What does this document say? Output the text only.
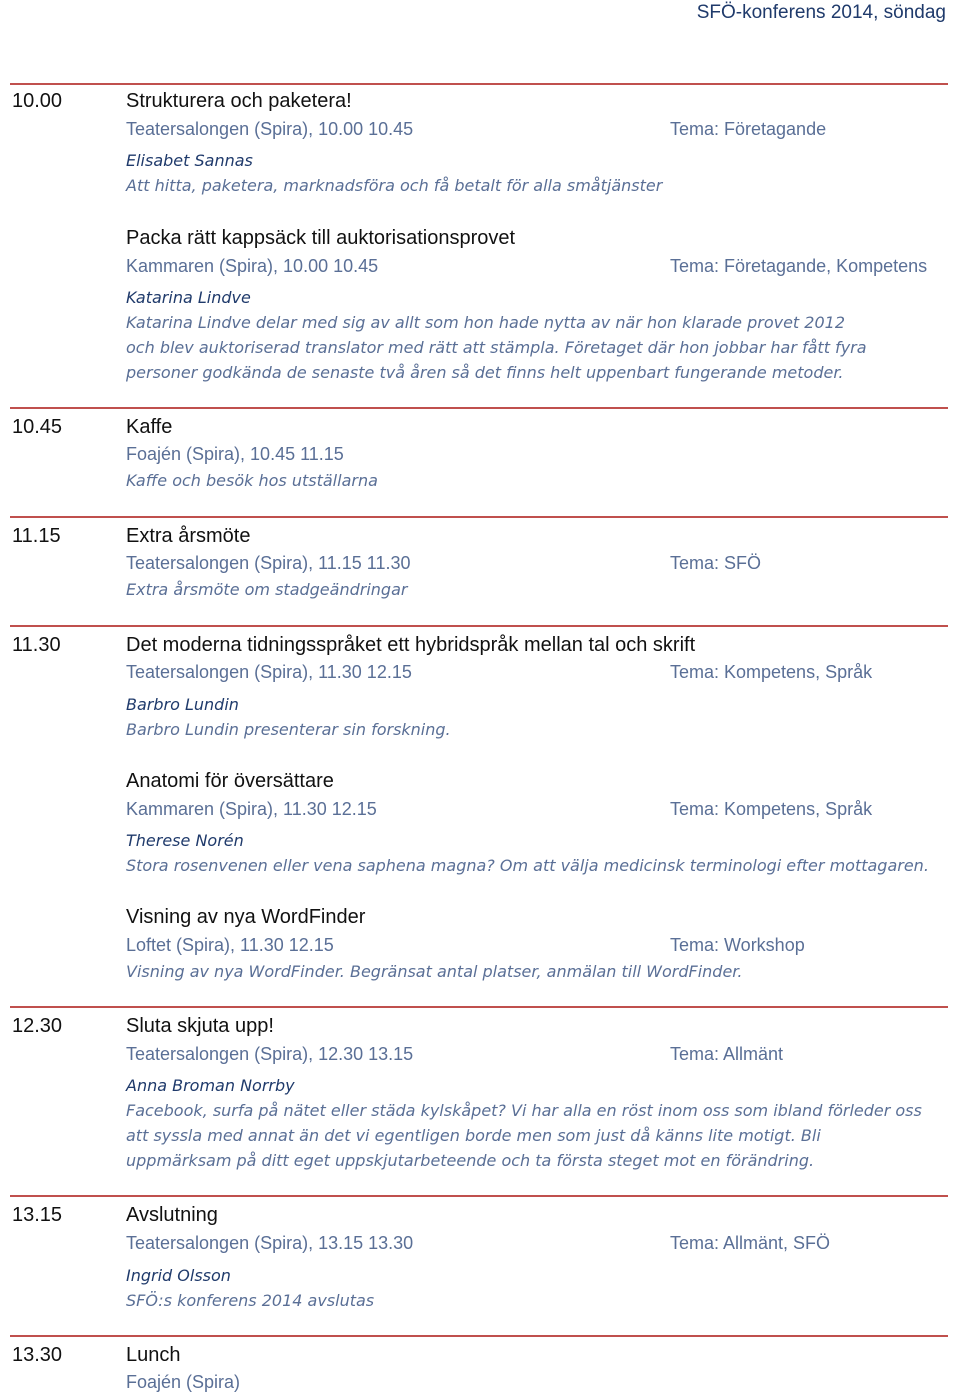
SFÖ-konferens 2014, söndag
10.00	Strukturera och paketera!
Teatersalongen (Spira), 10.00 10.45	Tema: Företagande
Elisabet Sannas
Att hitta, paketera, marknadsföra och få betalt för alla småtjänster
Packa rätt kappsäck till auktorisationsprovet
Kammaren (Spira), 10.00 10.45	Tema: Företagande, Kompetens
Katarina Lindve
Katarina Lindve delar med sig av allt som hon hade nytta av när hon klarade provet 2012
och blev auktoriserad translator med rätt att stämpla. Företaget där hon jobbar har fått fyra
personer godkända de senaste två åren så det finns helt uppenbart fungerande metoder.
10.45	Kaffe
Foajén (Spira), 10.45 11.15
Kaffe och besök hos utställarna
11.15	Extra årsmöte
Teatersalongen (Spira), 11.15 11.30	Tema: SFÖ
Extra årsmöte om stadgeändringar
11.30	Det moderna tidningsspråket ett hybridspråk mellan tal och skrift
Teatersalongen (Spira), 11.30 12.15	Tema: Kompetens, Språk
Barbro Lundin
Barbro Lundin presenterar sin forskning.
Anatomi för översättare
Kammaren (Spira), 11.30 12.15	Tema: Kompetens, Språk
Therese Norén
Stora rosenvenen eller vena saphena magna? Om att välja medicinsk terminologi efter mottagaren.
Visning av nya WordFinder
Loftet (Spira), 11.30 12.15	Tema: Workshop
Visning av nya WordFinder. Begränsat antal platser, anmälan till WordFinder.
12.30	Sluta skjuta upp!
Teatersalongen (Spira), 12.30 13.15	Tema: Allmänt
Anna Broman Norrby
Facebook, surfa på nätet eller städa kylskåpet? Vi har alla en röst inom oss som ibland förleder oss
att syssla med annat än det vi egentligen borde men som just då känns lite motigt. Bli
uppmärksam på ditt eget uppskjutarbeteende och ta första steget mot en förändring.
13.15	Avslutning
Teatersalongen (Spira), 13.15 13.30	Tema: Allmänt, SFÖ
Ingrid Olsson
SFÖ:s konferens 2014 avslutas
13.30	Lunch
Foajén (Spira)
